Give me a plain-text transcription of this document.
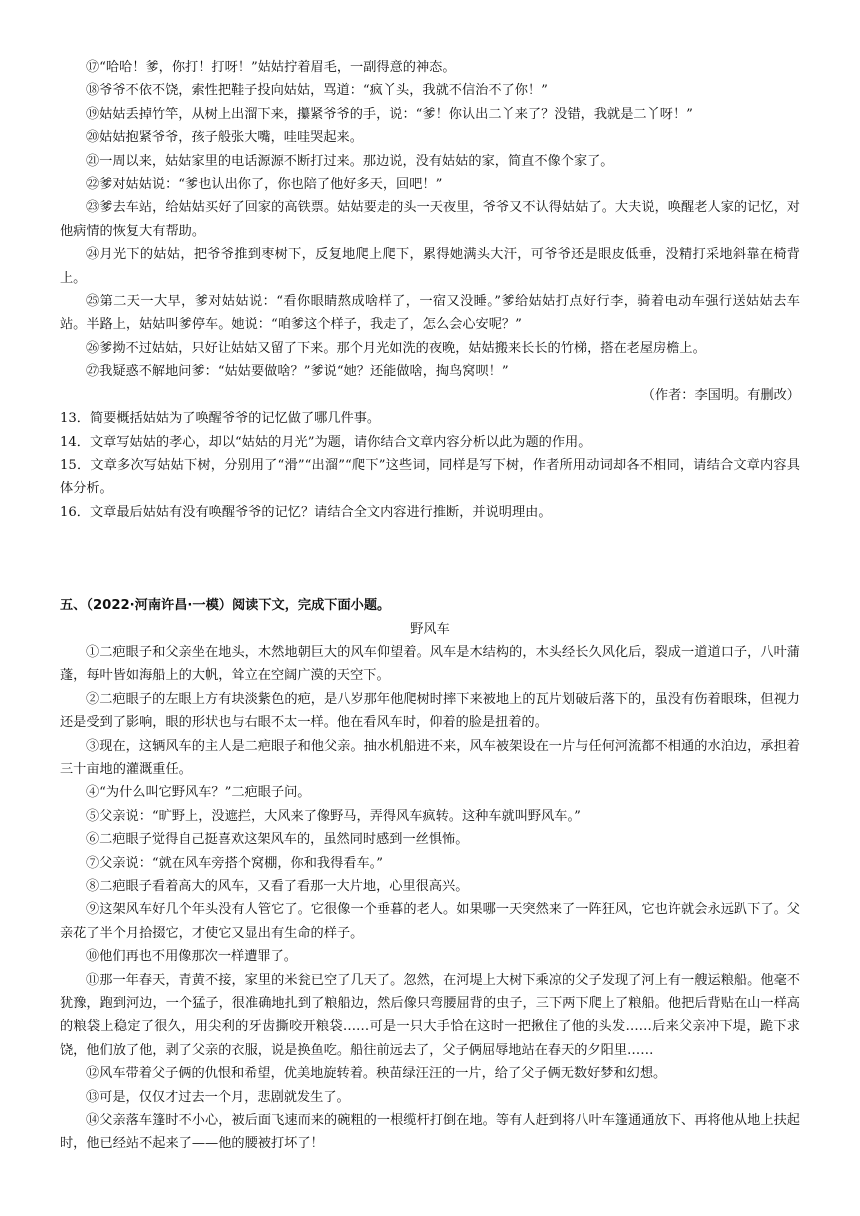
⑰“哈哈！爹，你打！打呀！”姑姑拧着眉毛，一副得意的神态。

⑱爷爷不依不饶，索性把鞋子投向姑姑，骂道：“疯丫头，我就不信治不了你！”

⑲姑姑丢掉竹竿，从树上出溜下来，攥紧爷爷的手，说：“爹！你认出二丫来了？没错，我就是二丫呀！”

⑳姑姑抱紧爷爷，孩子般张大嘴，哇哇哭起来。

㉑一周以来，姑姑家里的电话源源不断打过来。那边说，没有姑姑的家，简直不像个家了。

㉒爹对姑姑说：“爹也认出你了，你也陪了他好多天，回吧！”

㉓爹去车站，给姑姑买好了回家的高铁票。姑姑要走的头一天夜里，爷爷又不认得姑姑了。大夫说，唤醒老人家的记忆，对他病情的恢复大有帮助。

㉔月光下的姑姑，把爷爷推到枣树下，反复地爬上爬下，累得她满头大汗，可爷爷还是眼皮低垂，没精打采地斜靠在椅背上。

㉕第二天一大早，爹对姑姑说：“看你眼睛熬成啥样了，一宿又没睡。”爹给姑姑打点好行李，骑着电动车强行送姑姑去车站。半路上，姑姑叫爹停车。她说：“咱爹这个样子，我走了，怎么会心安呢？”

㉖爹拗不过姑姑，只好让姑姑又留了下来。那个月光如洗的夜晚，姑姑搬来长长的竹梯，搭在老屋房檐上。

㉗我疑惑不解地问爹：“姑姑要做啥？”爹说“她？还能做啥，掏鸟窝呗！”

（作者：李国明。有删改）

13．简要概括姑姑为了唤醒爷爷的记忆做了哪几件事。

14．文章写姑姑的孝心，却以“姑姑的月光”为题，请你结合文章内容分析以此为题的作用。

15．文章多次写姑姑下树，分别用了“滑”“出溜”“爬下”这些词，同样是写下树，作者所用动词却各不相同，请结合文章内容具体分析。

16．文章最后姑姑有没有唤醒爷爷的记忆？请结合全文内容进行推断，并说明理由。

五、（2022·河南许昌·一模）阅读下文，完成下面小题。

野风车

①二疤眼子和父亲坐在地头，木然地朝巨大的风车仰望着。风车是木结构的，木头经长久风化后，裂成一道道口子，八叶蒲蓬，每叶皆如海船上的大帆，耸立在空阔广漠的天空下。

②二疤眼子的左眼上方有块淡紫色的疤，是八岁那年他爬树时摔下来被地上的瓦片划破后落下的，虽没有伤着眼珠，但视力还是受到了影响，眼的形状也与右眼不太一样。他在看风车时，仰着的脸是扭着的。

③现在，这辆风车的主人是二疤眼子和他父亲。抽水机船进不来，风车被架设在一片与任何河流都不相通的水泊边，承担着三十亩地的灌溉重任。

④“为什么叫它野风车？”二疤眼子问。

⑤父亲说：“旷野上，没遮拦，大风来了像野马，弄得风车疯转。这种车就叫野风车。”

⑥二疤眼子觉得自己挺喜欢这架风车的，虽然同时感到一丝惧怖。

⑦父亲说：“就在风车旁搭个窝棚，你和我得看车。”

⑧二疤眼子看着高大的风车，又看了看那一大片地，心里很高兴。

⑨这架风车好几个年头没有人管它了。它很像一个垂暮的老人。如果哪一天突然来了一阵狂风，它也许就会永远趴下了。父亲花了半个月拾掇它，才使它又显出有生命的样子。

⑩他们再也不用像那次一样遭罪了。

⑪那一年春天，青黄不接，家里的米瓮已空了几天了。忽然，在河堤上大树下乘凉的父子发现了河上有一艘运粮船。他毫不犹豫，跑到河边，一个猛子，很准确地扎到了粮船边，然后像只弯腰屈背的虫子，三下两下爬上了粮船。他把后背贴在山一样高的粮袋上稳定了很久，用尖利的牙齿撕咬开粮袋……可是一只大手恰在这时一把揪住了他的头发……后来父亲冲下堤，跪下求饶，他们放了他，剥了父亲的衣服，说是换鱼吃。船往前远去了，父子俩屈辱地站在春天的夕阳里……

⑫风车带着父子俩的仇恨和希望，优美地旋转着。秧苗绿汪汪的一片，给了父子俩无数好梦和幻想。

⑬可是，仅仅才过去一个月，悲剧就发生了。

⑭父亲落车篷时不小心，被后面飞速而来的碗粗的一根缆杆打倒在地。等有人赶到将八叶车篷通通放下、再将他从地上扶起时，他已经站不起来了——他的腰被打坏了！
